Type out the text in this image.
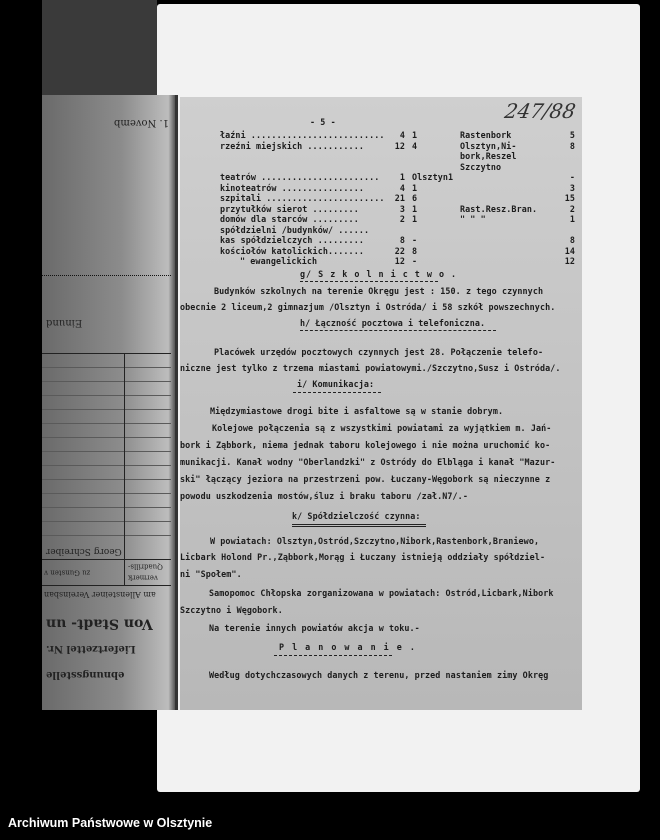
1. Novemb
Einund
Georg Schreiber
zu Gunsten v
Quadrills-
vermerk
am Allensteiner Vereinsban
Von Stadt- un
Liefertzettel Nr.
ebnungsstelle
- 5 -
łaźni .......................... 4 1	Rastenbork	5
rzeźni miejskich ...........	12 4	Olsztyn,Ni-	8
bork,Reszel
Szczytno
teatrów ....................... 1 Olsztyn1	-
kinoteatrów ................	4 1	3
szpitali ....................... 21 6	15
przytułków sierot .........	3 1	Rast.Resz.Bran.	2
domów dla starców .........	2 1	" " "	1
spółdzielni /budynków/ ......
kas spółdzielczych .........	8 -	8
kościołów katolickich.......	22 8	14
" ewangelickich	12 -	12
g/ S z k o l n i c t w o .
Budynków szkolnych na terenie Okręgu jest : 150. z tego czynnych
obecnie 2 liceum,2 gimnazjum /Olsztyn i Ostróda/ i 58 szkół powszechnych.
h/ Łączność pocztowa i telefoniczna.
Placówek urzędów pocztowych czynnych jest 28. Połączenie telefo-
niczne jest tylko z trzema miastami powiatowymi./Szczytno,Susz i Ostróda/.
i/ Komunikacja:
Międzymiastowe drogi bite i asfaltowe są w stanie dobrym.
Kolejowe połączenia są z wszystkimi powiatami za wyjątkiem m. Jań-
bork i Ząbbork, niema jednak taboru kolejowego i nie można uruchomić ko-
munikacji. Kanał wodny "Oberlandzki" z Ostródy do Elbląga i kanał "Mazur-
ski" łączący jeziora na przestrzeni pow. Łuczany-Węgobork są nieczynne z
powodu uszkodzenia mostów,śluz i braku taboru /zał.N7/.-
k/ Spółdzielczość czynna:
W powiatach: Olsztyn,Ostród,Szczytno,Nibork,Rastenbork,Braniewo,
Licbark Holond Pr.,Ząbbork,Morąg i Łuczany istnieją oddziały spółdziel-
ni "Społem".
Samopomoc Chłopska zorganizowana w powiatach: Ostród,Licbark,Nibork
Szczytno i Węgobork.
Na terenie innych powiatów akcja w toku.-
P l a n o w a n i e .
Według dotychczasowych danych z terenu, przed nastaniem zimy Okręg
247/88
Archiwum Państwowe w Olsztynie
